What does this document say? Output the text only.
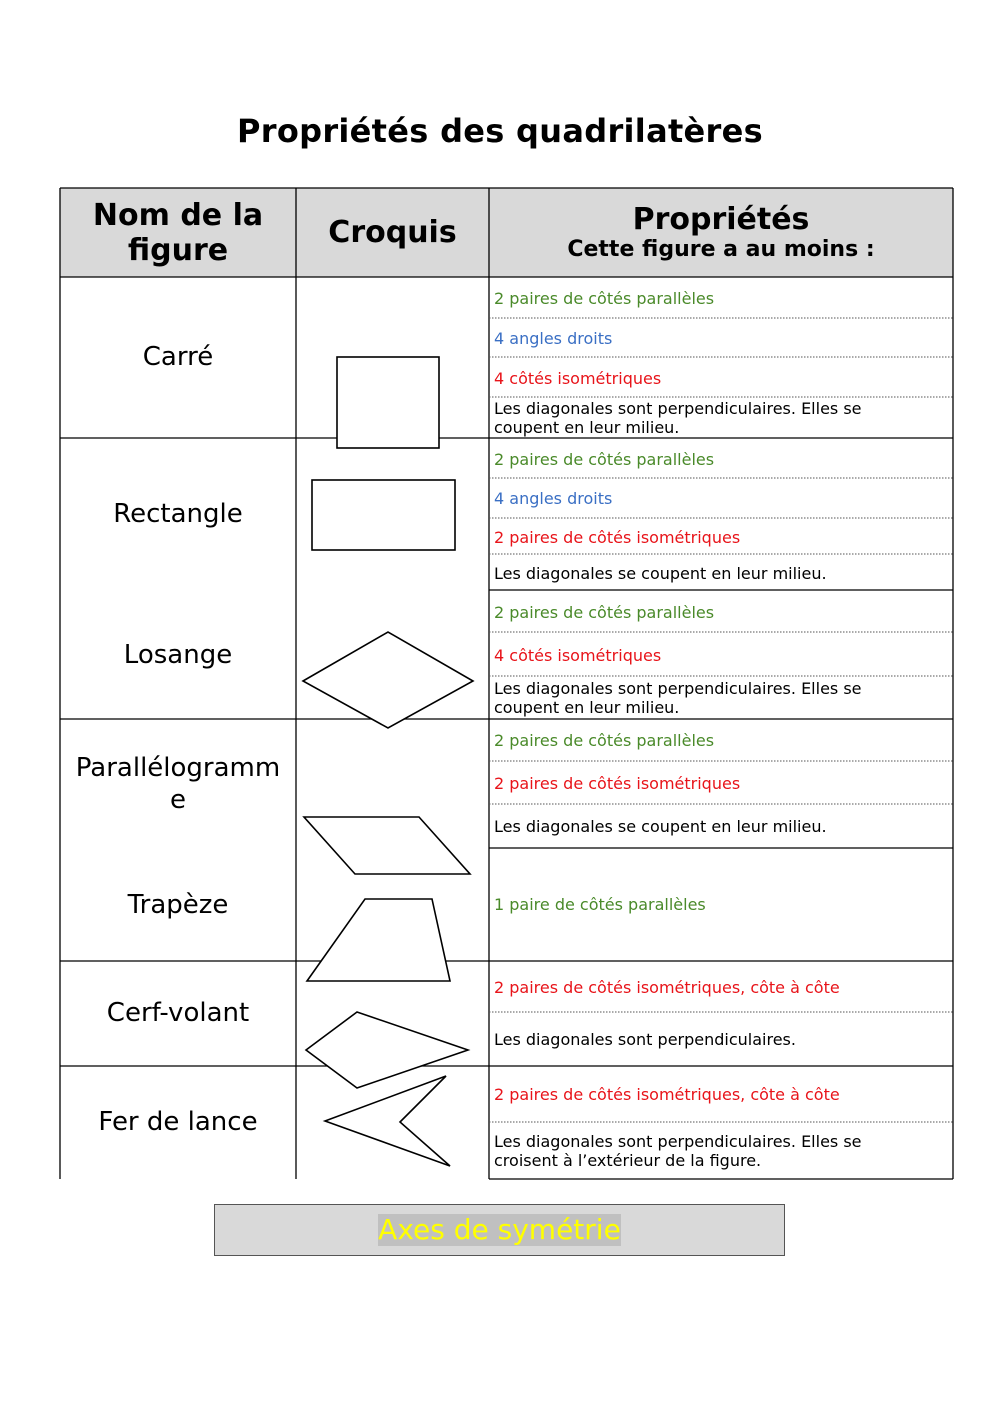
Propriétés des quadrilatères
Nom de la
figure	Croquis	Propriétés
Cette figure a au moins :
Carré
Rectangle
Losange
Parallélogramm
e
Trapèze
Cerf-volant
Fer de lance
2 paires de côtés parallèles
4 angles droits
4 côtés isométriques
Les diagonales sont perpendiculaires. Elles se
coupent en leur milieu.
2 paires de côtés parallèles
4 angles droits
2 paires de côtés isométriques
Les diagonales se coupent en leur milieu.
2 paires de côtés parallèles
4 côtés isométriques
Les diagonales sont perpendiculaires. Elles se
coupent en leur milieu.
2 paires de côtés parallèles
2 paires de côtés isométriques
Les diagonales se coupent en leur milieu.
1 paire de côtés parallèles
2 paires de côtés isométriques, côte à côte
Les diagonales sont perpendiculaires.
2 paires de côtés isométriques, côte à côte
Les diagonales sont perpendiculaires. Elles se
croisent à l’extérieur de la figure.
Axes de symétrie
